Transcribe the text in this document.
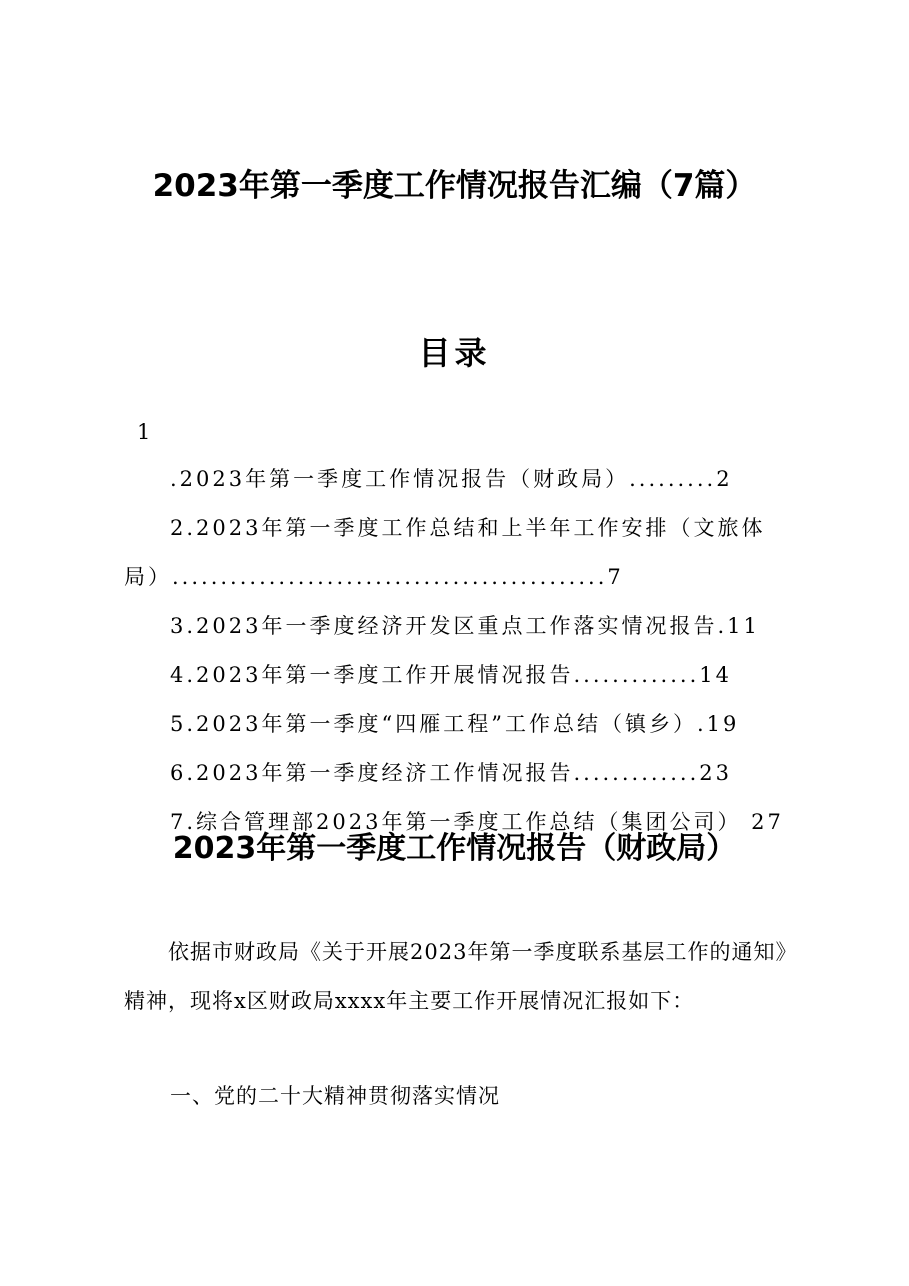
2023年第一季度工作情况报告汇编（7篇）
目录
1
.2023年第一季度工作情况报告（财政局）.........2
2.2023年第一季度工作总结和上半年工作安排（文旅体
局）.............................................7
3.2023年一季度经济开发区重点工作落实情况报告.11
4.2023年第一季度工作开展情况报告.............14
5.2023年第一季度“四雁工程”工作总结（镇乡）.19
6.2023年第一季度经济工作情况报告.............23
7.综合管理部2023年第一季度工作总结（集团公司） 27
2023年第一季度工作情况报告（财政局）
依据市财政局《关于开展2023年第一季度联系基层工作的通知》精神，现将x区财政局xxxx年主要工作开展情况汇报如下：
一、党的二十大精神贯彻落实情况
